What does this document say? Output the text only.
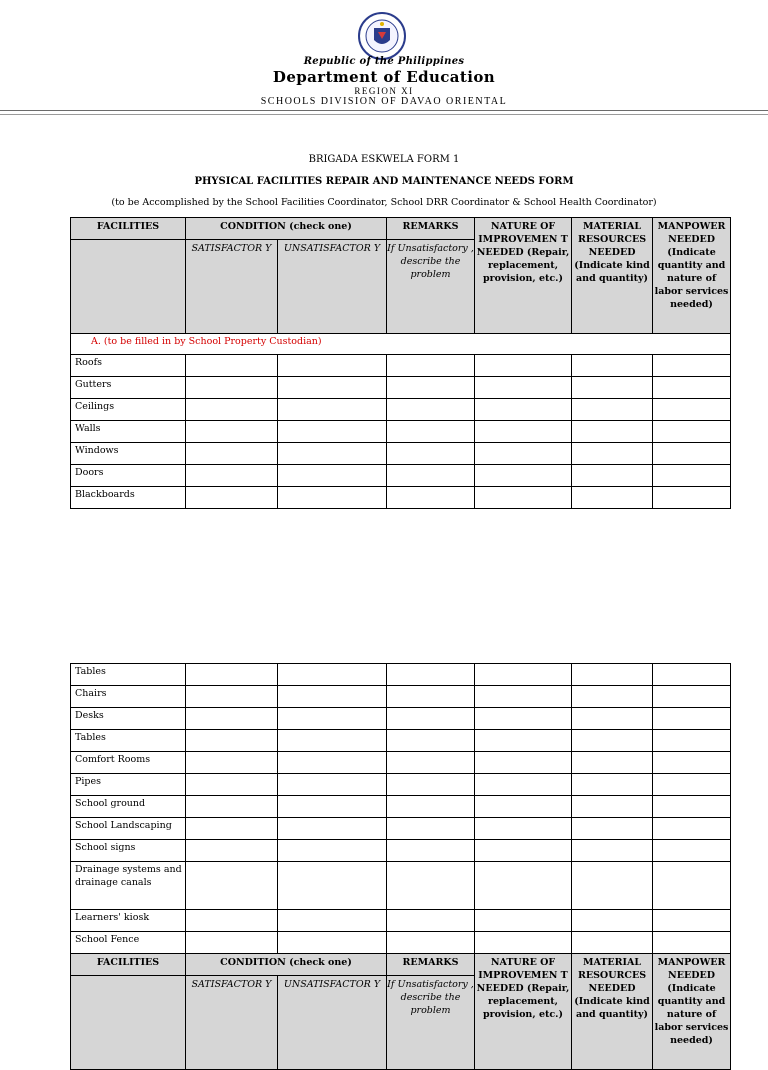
Republic of the Philippines
Department of Education
REGION XI
SCHOOLS DIVISION OF DAVAO ORIENTAL
BRIGADA ESKWELA FORM 1
PHYSICAL FACILITIES REPAIR AND MAINTENANCE NEEDS FORM
(to be Accomplished by the School Facilities Coordinator, School DRR Coordinator & School Health Coordinator)
FACILITIES	CONDITION (check one)		REMARKS	NATURE OF IMPROVEMEN T NEEDED (Repair, replacement, provision, etc.)	MATERIAL RESOURCES NEEDED (Indicate kind and quantity)	MANPOWER NEEDED (Indicate quantity and nature of labor services needed)
	SATISFACTOR Y	UNSATISFACTOR Y	If Unsatisfactory , describe the problem			
A. (to be filled in by School Property Custodian)						
Roofs						
Gutters						
Ceilings						
Walls						
Windows						
Doors						
Blackboards						
Tables						
Chairs						
Desks						
Tables						
Comfort Rooms						
Pipes						
School ground						
School Landscaping						
School signs						
Drainage systems and drainage canals						
Learners' kiosk						
School Fence						
FACILITIES	CONDITION (check one)		REMARKS	NATURE OF IMPROVEMEN T NEEDED (Repair, replacement, provision, etc.)	MATERIAL RESOURCES NEEDED (Indicate kind and quantity)	MANPOWER NEEDED (Indicate quantity and nature of labor services needed)
	SATISFACTOR Y	UNSATISFACTOR Y	If Unsatisfactory , describe the problem			
